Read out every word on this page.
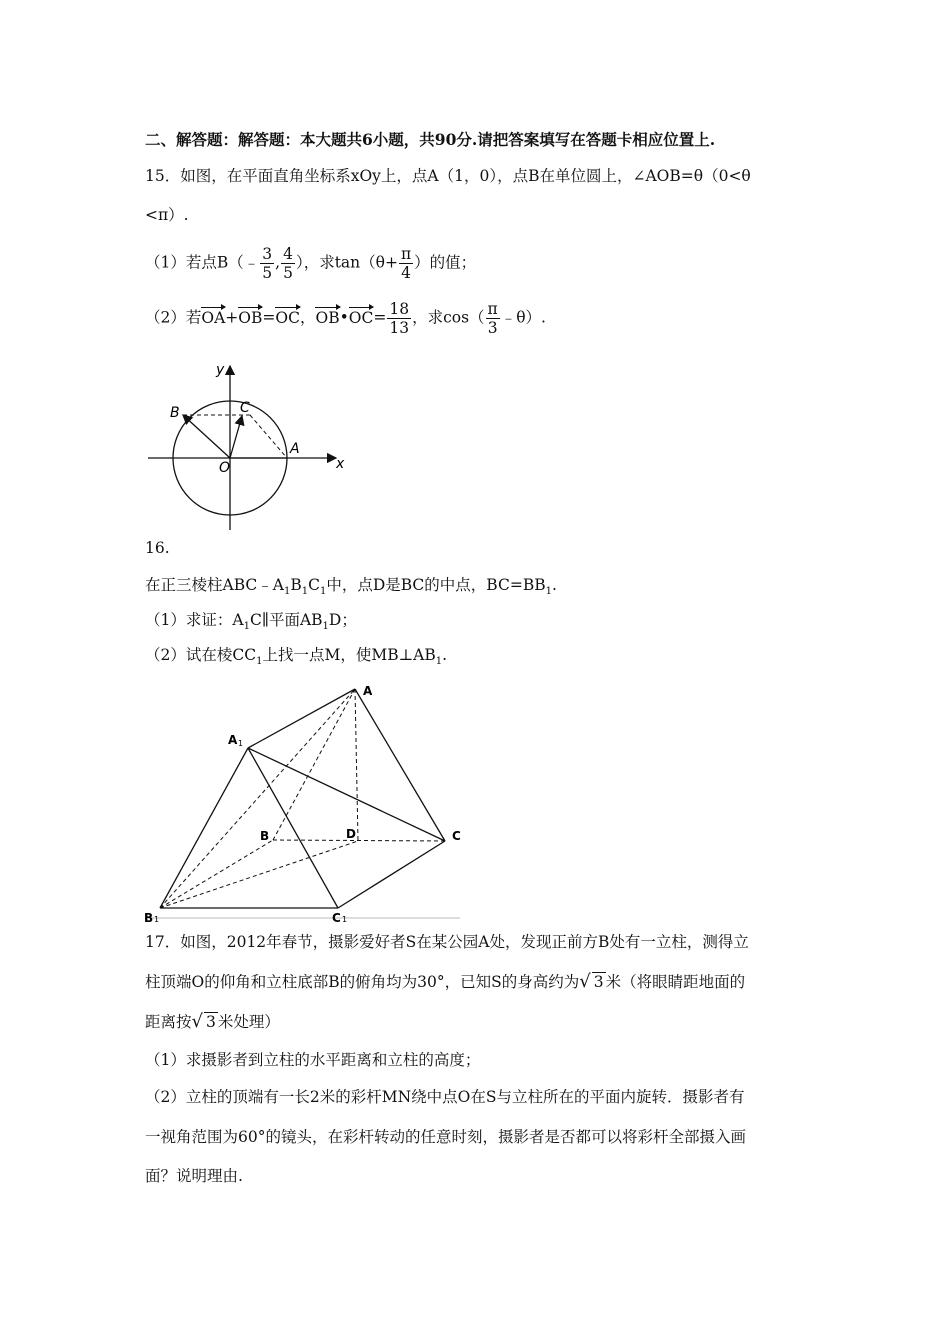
二、解答题：解答题：本大题共6小题，共90分.请把答案填写在答题卡相应位置上.
15．如图，在平面直角坐标系xOy上，点A（1，0），点B在单位圆上，∠AOB=θ（0<θ
<π）.
（1）若点B（﹣ $\frac{3}{5}$ , $\frac{4}{5}$ ），求$\tan(\theta+ \frac{\pi}{4}$ ）的值；
（2）若OA+OB=OC，OB•OC= $\frac{18}{13}$ ，求$\cos( \frac{\pi}{3}$ ﹣θ）.
y
x
B	C
A
O
16.
在正三棱柱$ABC﹣A_1B_1C_1$中，点D是BC的中点，$BC=BB_1$.
（1）求证：$A_1C\parallel$平面$AB_1D$；
（2）试在棱$CC_1$上找一点M，使$MB\perp AB_1$.
A
A 1
B	D	C
B 1	C 1
17．如图，2012年春节，摄影爱好者S在某公园A处，发现正前方B处有一立柱，测得立
柱顶端O的仰角和立柱底部B的俯角均为30°，已知S的身高约为√ 3 米（将眼睛距地面的
距离按√ 3 米处理）
（1）求摄影者到立柱的水平距离和立柱的高度；
（2）立柱的顶端有一长2米的彩杆MN绕中点O在S与立柱所在的平面内旋转．摄影者有
一视角范围为60°的镜头，在彩杆转动的任意时刻，摄影者是否都可以将彩杆全部摄入画
面？说明理由.
